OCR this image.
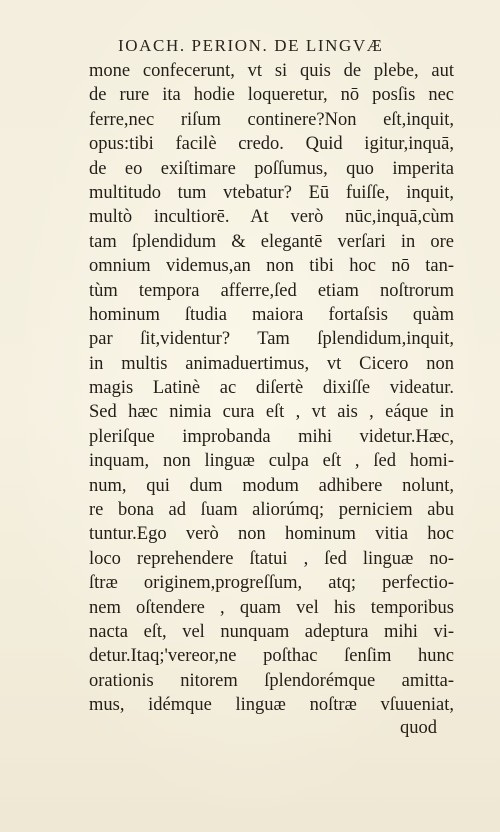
IOACH. PERION. DE LINGVÆ
mone confecerunt, vt si quis de plebe, aut
de rure ita hodie loqueretur, nō posſis nec
ferre,nec riſum continere?Non eſt,inquit,
opus:tibi facilè credo. Quid igitur,inquā,
de eo exiſtimare poſſumus, quo imperita
multitudo tum vtebatur? Eū fuiſſe, inquit,
multò incultiorē. At verò nūc,inquā,cùm
tam ſplendidum & elegantē verſari in ore
omnium videmus,an non tibi hoc nō tan-
tùm tempora afferre,ſed etiam noſtrorum
hominum ſtudia maiora fortaſsis quàm
par ſit,videntur? Tam ſplendidum,inquit,
in multis animaduertimus, vt Cicero non
magis Latinè ac diſertè dixiſſe videatur.
Sed hæc nimia cura eſt , vt ais , eáque in
pleriſque improbanda mihi videtur.Hæc,
inquam, non linguæ culpa eſt , ſed homi-
num, qui dum modum adhibere nolunt,
re bona ad ſuam aliorúmq; perniciem abu
tuntur.Ego verò non hominum vitia hoc
loco reprehendere ſtatui , ſed linguæ no-
ſtræ originem,progreſſum, atq; perfectio-
nem oſtendere , quam vel his temporibus
nacta eſt, vel nunquam adeptura mihi vi-
detur.Itaq;'vereor,ne poſthac ſenſim hunc
orationis nitorem ſplendorémque amitta-
mus, idémque linguæ noſtræ vſuueniat,
quod
